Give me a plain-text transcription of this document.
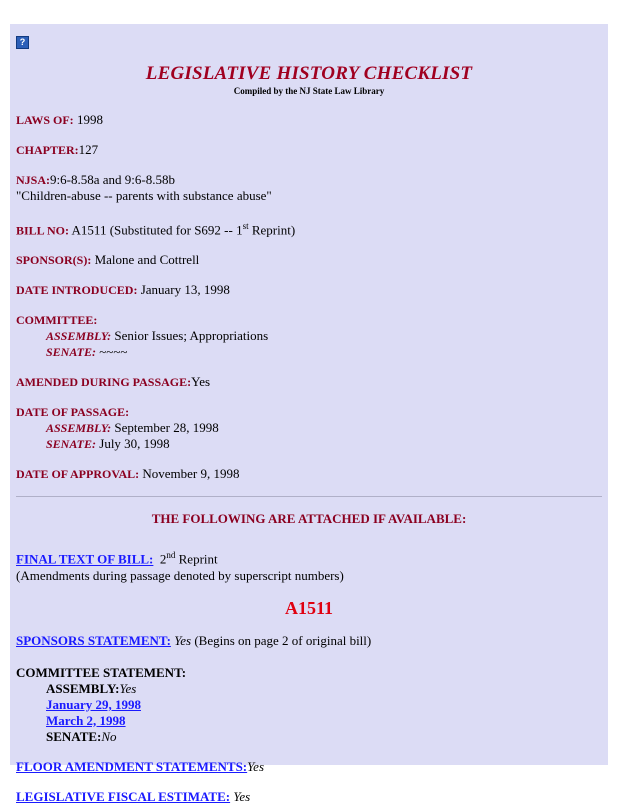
?
LEGISLATIVE HISTORY CHECKLIST
Compiled by the NJ State Law Library
LAWS OF: 1998
CHAPTER:127
NJSA:9:6-8.58a and 9:6-8.58b
"Children-abuse -- parents with substance abuse"
BILL NO: A1511 (Substituted for S692 -- 1st Reprint)
SPONSOR(S): Malone and Cottrell
DATE INTRODUCED: January 13, 1998
COMMITTEE:
ASSEMBLY: Senior Issues; Appropriations
SENATE: ~~~~
AMENDED DURING PASSAGE:Yes
DATE OF PASSAGE:
ASSEMBLY: September 28, 1998
SENATE: July 30, 1998
DATE OF APPROVAL: November 9, 1998
THE FOLLOWING ARE ATTACHED IF AVAILABLE:
FINAL TEXT OF BILL: 2nd Reprint
(Amendments during passage denoted by superscript numbers)
A1511
SPONSORS STATEMENT: Yes (Begins on page 2 of original bill)
COMMITTEE STATEMENT:
ASSEMBLY:Yes
January 29, 1998
March 2, 1998
SENATE:No
FLOOR AMENDMENT STATEMENTS:Yes
LEGISLATIVE FISCAL ESTIMATE: Yes
